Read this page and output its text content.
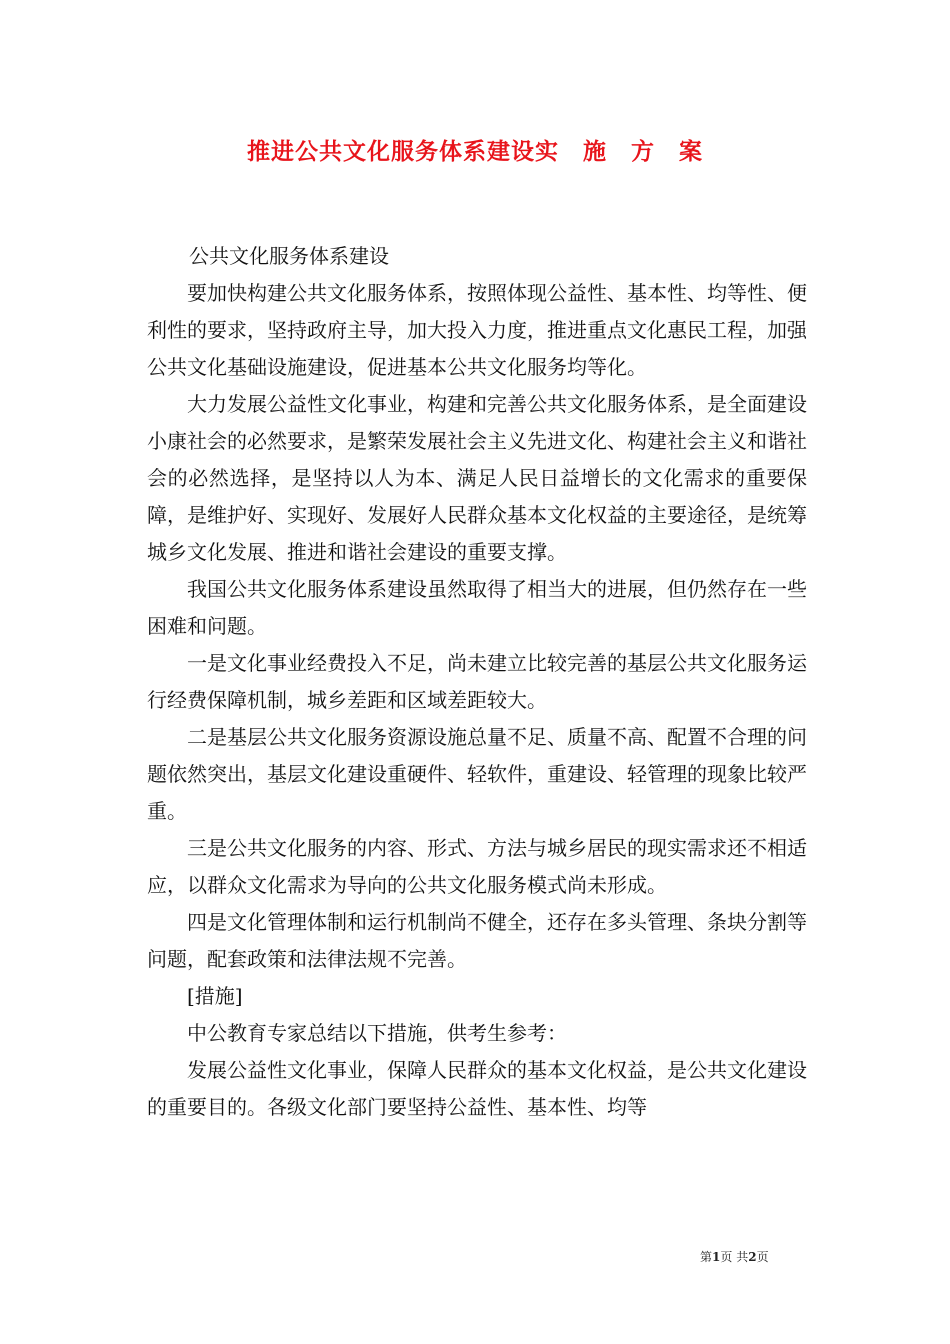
推进公共文化服务体系建设实　施　方　案

公共文化服务体系建设

要加快构建公共文化服务体系，按照体现公益性、基本性、均等性、便利性的要求，坚持政府主导，加大投入力度，推进重点文化惠民工程，加强公共文化基础设施建设，促进基本公共文化服务均等化。

大力发展公益性文化事业，构建和完善公共文化服务体系，是全面建设小康社会的必然要求，是繁荣发展社会主义先进文化、构建社会主义和谐社会的必然选择，是坚持以人为本、满足人民日益增长的文化需求的重要保障，是维护好、实现好、发展好人民群众基本文化权益的主要途径，是统筹城乡文化发展、推进和谐社会建设的重要支撑。

我国公共文化服务体系建设虽然取得了相当大的进展，但仍然存在一些困难和问题。

一是文化事业经费投入不足，尚未建立比较完善的基层公共文化服务运行经费保障机制，城乡差距和区域差距较大。

二是基层公共文化服务资源设施总量不足、质量不高、配置不合理的问题依然突出，基层文化建设重硬件、轻软件，重建设、轻管理的现象比较严重。

三是公共文化服务的内容、形式、方法与城乡居民的现实需求还不相适应，以群众文化需求为导向的公共文化服务模式尚未形成。

四是文化管理体制和运行机制尚不健全，还存在多头管理、条块分割等问题，配套政策和法律法规不完善。

[措施]

中公教育专家总结以下措施，供考生参考：

发展公益性文化事业，保障人民群众的基本文化权益，是公共文化建设的重要目的。各级文化部门要坚持公益性、基本性、均等

第1页 共2页
